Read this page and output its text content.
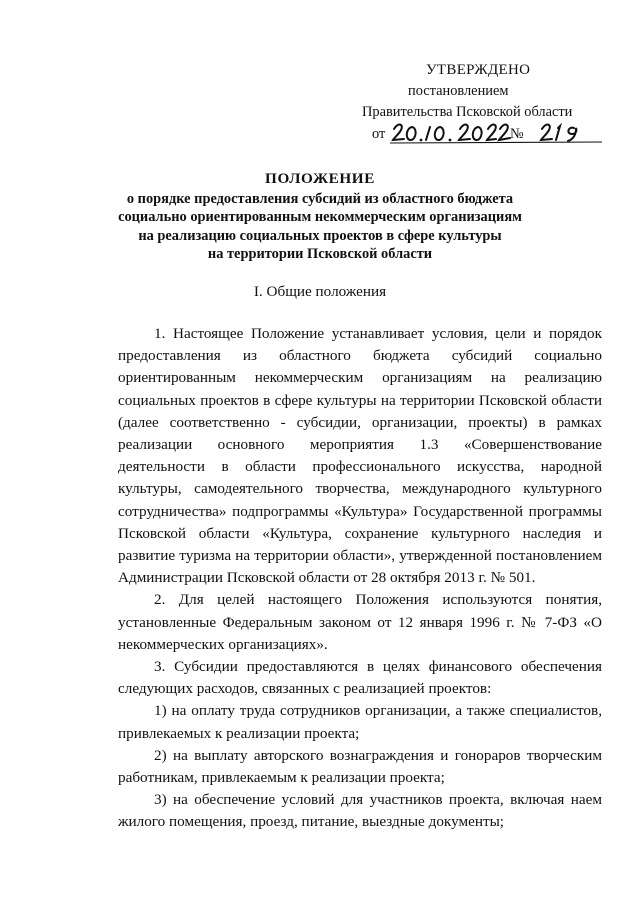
УТВЕРЖДЕНО
постановлением
Правительства Псковской области
от	№
ПОЛОЖЕНИЕ
о порядке предоставления субсидий из областного бюджета
социально ориентированным некоммерческим организациям
на реализацию социальных проектов в сфере культуры
на территории Псковской области
I. Общие положения

1. Настоящее Положение устанавливает условия, цели и порядок предоставления из областного бюджета субсидий социально ориентированным некоммерческим организациям на реализацию социальных проектов в сфере культуры на территории Псковской области (далее соответственно - субсидии, организации, проекты) в рамках реализации основного мероприятия 1.3 «Совершенствование деятельности в области профессионального искусства, народной культуры, самодеятельного творчества, международного культурного сотрудничества» подпрограммы «Культура» Государственной программы Псковской области «Культура, сохранение культурного наследия и развитие туризма на территории области», утвержденной постановлением Администрации Псковской области от 28 октября 2013 г. № 501.

2. Для целей настоящего Положения используются понятия, установленные Федеральным законом от 12 января 1996 г. № 7-ФЗ «О некоммерческих организациях».

3. Субсидии предоставляются в целях финансового обеспечения следующих расходов, связанных с реализацией проектов:

1) на оплату труда сотрудников организации, а также специалистов, привлекаемых к реализации проекта;

2) на выплату авторского вознаграждения и гонораров творческим работникам, привлекаемым к реализации проекта;

3) на обеспечение условий для участников проекта, включая наем жилого помещения, проезд, питание, выездные документы;
